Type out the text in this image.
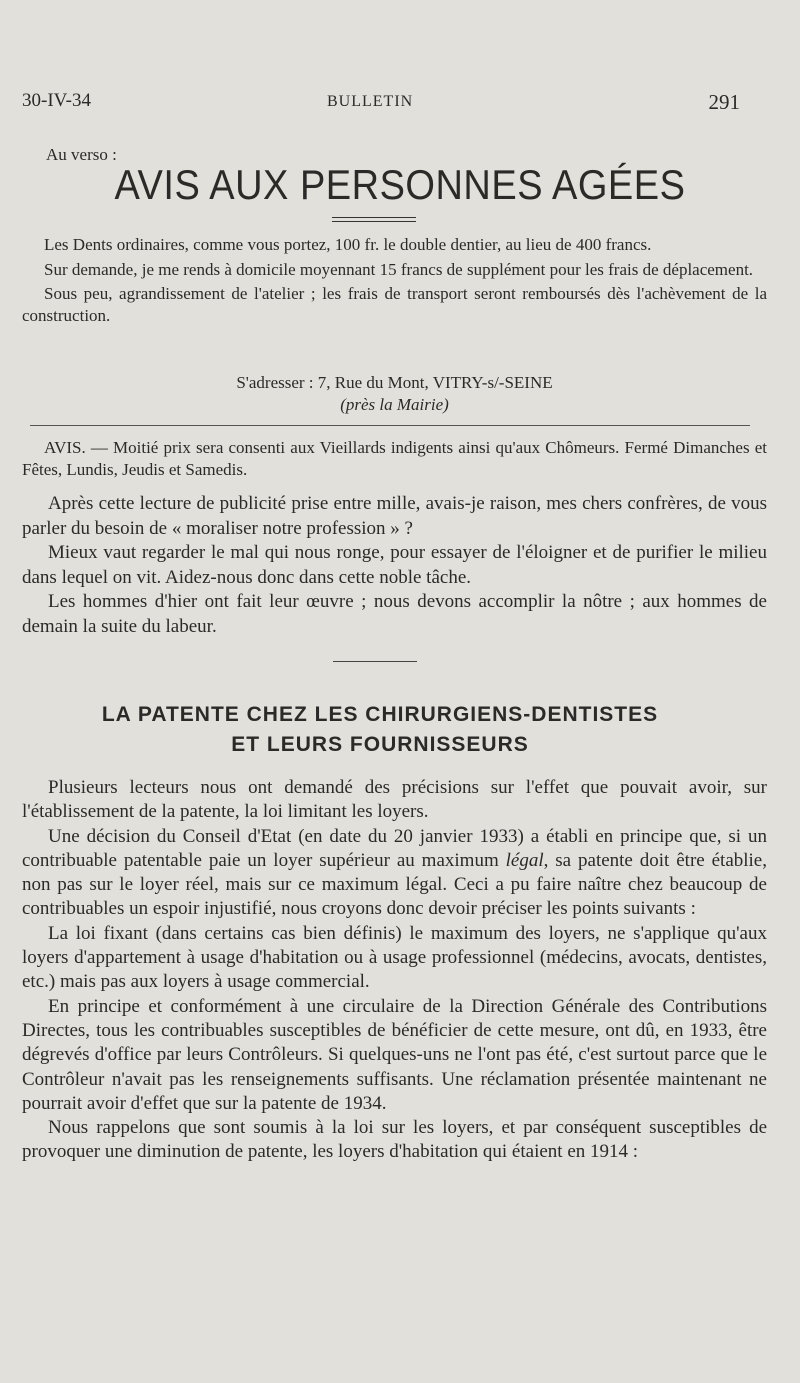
30-IV-34	BULLETIN	291
Au verso :
AVIS AUX PERSONNES AGÉES

Les Dents ordinaires, comme vous portez, 100 fr. le double dentier, au lieu de 400 francs.

Sur demande, je me rends à domicile moyennant 15 francs de supplément pour les frais de déplacement.

Sous peu, agrandissement de l'atelier ; les frais de transport seront remboursés dès l'achèvement de la construction.

S'adresser : 7, Rue du Mont, VITRY-s/-SEINE
(près la Mairie)

AVIS. — Moitié prix sera consenti aux Vieillards indigents ainsi qu'aux Chômeurs. Fermé Dimanches et Fêtes, Lundis, Jeudis et Samedis.

Après cette lecture de publicité prise entre mille, avais-je raison, mes chers confrères, de vous parler du besoin de « moraliser notre profession » ?

Mieux vaut regarder le mal qui nous ronge, pour essayer de l'éloigner et de purifier le milieu dans lequel on vit. Aidez-nous donc dans cette noble tâche.

Les hommes d'hier ont fait leur œuvre ; nous devons accomplir la nôtre ; aux hommes de demain la suite du labeur.

LA PATENTE CHEZ LES CHIRURGIENS-DENTISTES
ET LEURS FOURNISSEURS

Plusieurs lecteurs nous ont demandé des précisions sur l'effet que pouvait avoir, sur l'établissement de la patente, la loi limitant les loyers.

Une décision du Conseil d'Etat (en date du 20 janvier 1933) a établi en principe que, si un contribuable patentable paie un loyer supérieur au maximum légal, sa patente doit être établie, non pas sur le loyer réel, mais sur ce maximum légal. Ceci a pu faire naître chez beaucoup de contribuables un espoir injustifié, nous croyons donc devoir préciser les points suivants :

La loi fixant (dans certains cas bien définis) le maximum des loyers, ne s'applique qu'aux loyers d'appartement à usage d'habitation ou à usage professionnel (médecins, avocats, dentistes, etc.) mais pas aux loyers à usage commercial.

En principe et conformément à une circulaire de la Direction Générale des Contributions Directes, tous les contribuables susceptibles de bénéficier de cette mesure, ont dû, en 1933, être dégrevés d'office par leurs Contrôleurs. Si quelques-uns ne l'ont pas été, c'est surtout parce que le Contrôleur n'avait pas les renseignements suffisants. Une réclamation présentée maintenant ne pourrait avoir d'effet que sur la patente de 1934.

Nous rappelons que sont soumis à la loi sur les loyers, et par conséquent susceptibles de provoquer une diminution de patente, les loyers d'habitation qui étaient en 1914 :
